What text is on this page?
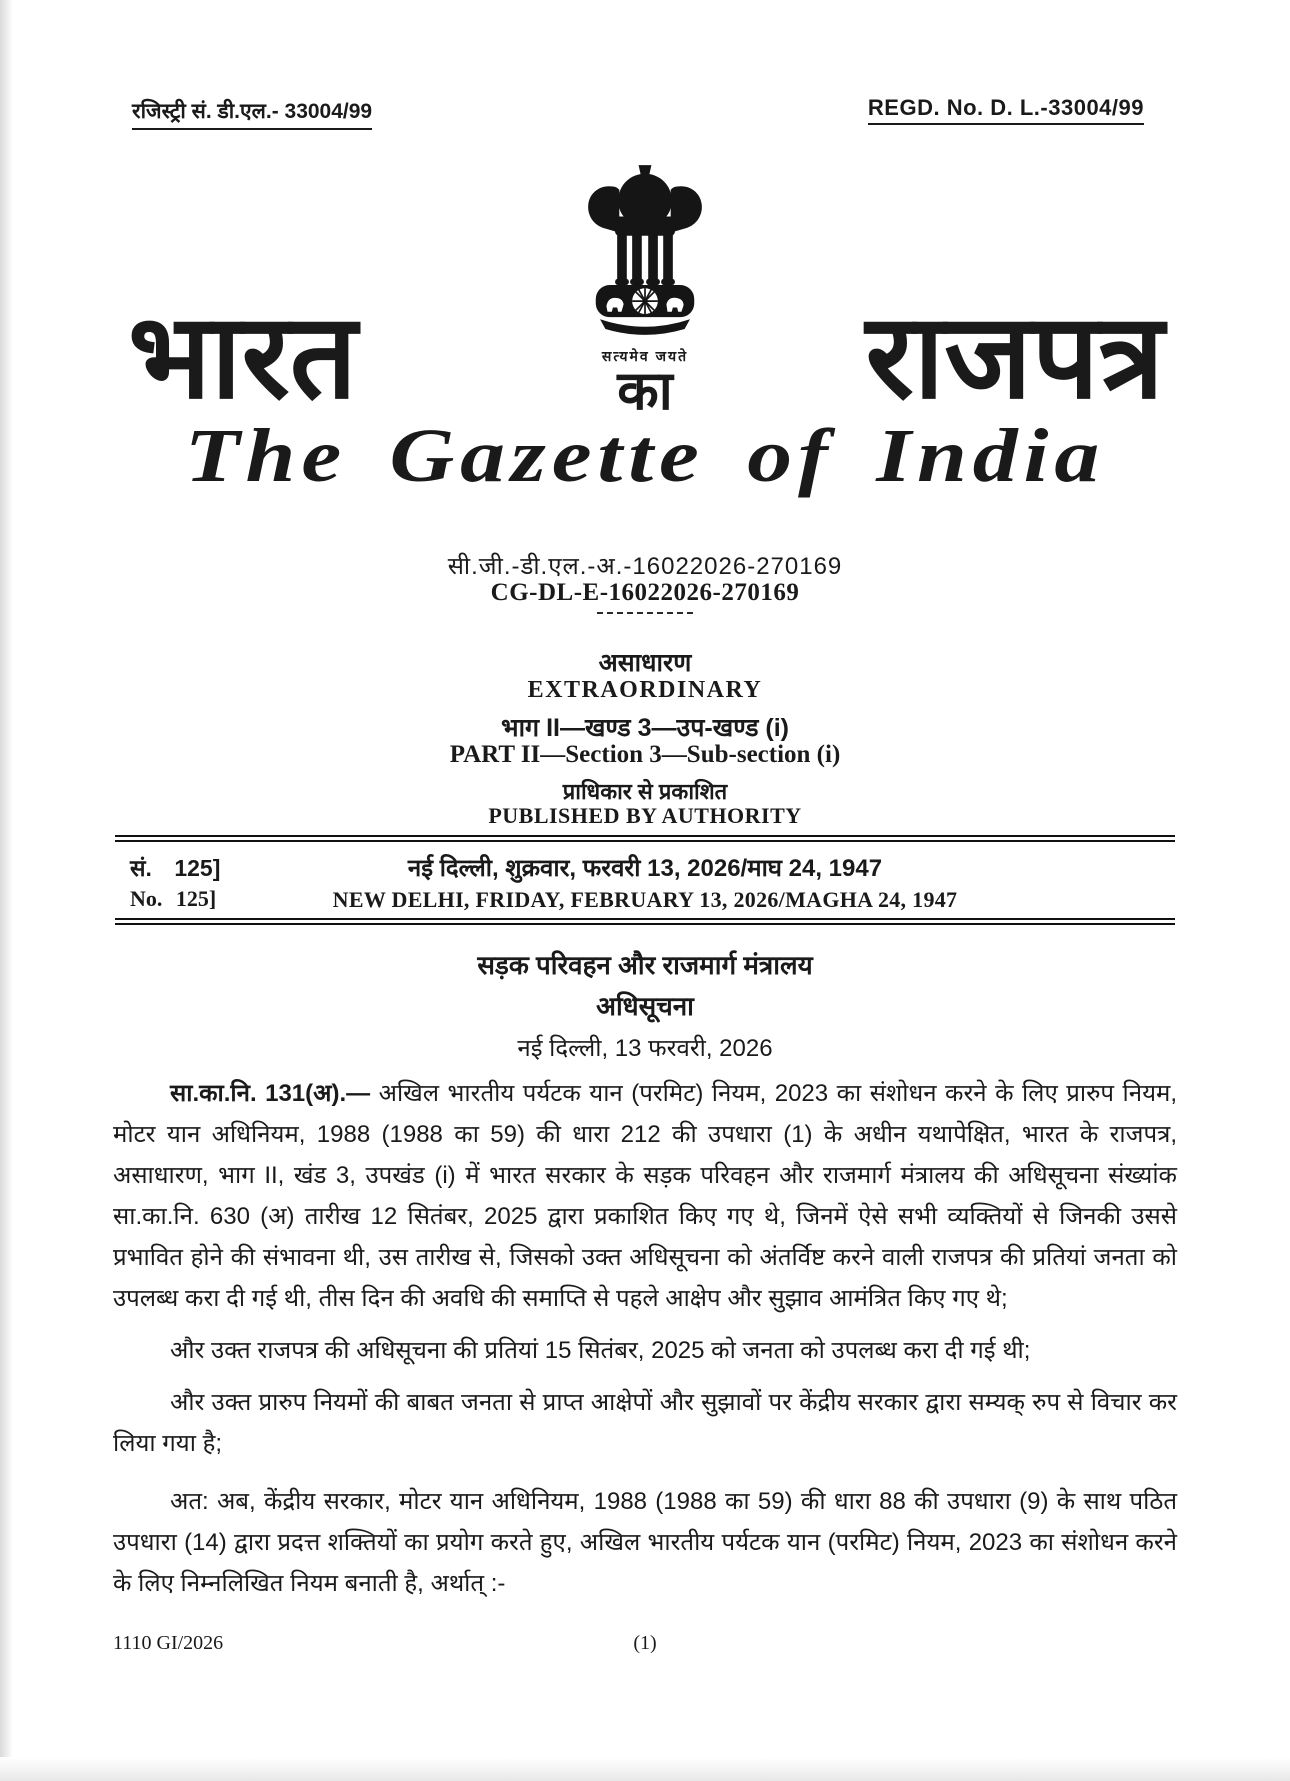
रजिस्ट्री सं. डी.एल.- 33004/99	REGD. No. D. L.-33004/99
सत्यमेव जयते
भारत	का	राजपत्र
The Gazette of India
सी.जी.-डी.एल.-अ.-16022026-270169
CG-DL-E-16022026-270169
असाधारण
EXTRAORDINARY
भाग II—खण्ड 3—उप-खण्ड (i)
PART II—Section 3—Sub-section (i)
प्राधिकार से प्रकाशित
PUBLISHED BY AUTHORITY
सं. 125]	नई दिल्ली, शुक्रवार, फरवरी 13, 2026/माघ 24, 1947
No. 125]	NEW DELHI, FRIDAY, FEBRUARY 13, 2026/MAGHA 24, 1947
सड़क परिवहन और राजमार्ग मंत्रालय
अधिसूचना
नई दिल्ली, 13 फरवरी, 2026

सा.का.नि. 131(अ).— अखिल भारतीय पर्यटक यान (परमिट) नियम, 2023 का संशोधन करने के लिए प्रारुप नियम, मोटर यान अधिनियम, 1988 (1988 का 59) की धारा 212 की उपधारा (1) के अधीन यथापेक्षित, भारत के राजपत्र, असाधारण, भाग II, खंड 3, उपखंड (i) में भारत सरकार के सड़क परिवहन और राजमार्ग मंत्रालय की अधिसूचना संख्यांक सा.का.नि. 630 (अ) तारीख 12 सितंबर, 2025 द्वारा प्रकाशित किए गए थे, जिनमें ऐसे सभी व्यक्तियों से जिनकी उससे प्रभावित होने की संभावना थी, उस तारीख से, जिसको उक्त अधिसूचना को अंतर्विष्ट करने वाली राजपत्र की प्रतियां जनता को उपलब्ध करा दी गई थी, तीस दिन की अवधि की समाप्ति से पहले आक्षेप और सुझाव आमंत्रित किए गए थे;

और उक्त राजपत्र की अधिसूचना की प्रतियां 15 सितंबर, 2025 को जनता को उपलब्ध करा दी गई थी;

और उक्त प्रारुप नियमों की बाबत जनता से प्राप्त आक्षेपों और सुझावों पर केंद्रीय सरकार द्वारा सम्यक् रुप से विचार कर लिया गया है;

अत: अब, केंद्रीय सरकार, मोटर यान अधिनियम, 1988 (1988 का 59) की धारा 88 की उपधारा (9) के साथ पठित उपधारा (14) द्वारा प्रदत्त शक्तियों का प्रयोग करते हुए, अखिल भारतीय पर्यटक यान (परमिट) नियम, 2023 का संशोधन करने के लिए निम्नलिखित नियम बनाती है, अर्थात् :-

1110 GI/2026	(1)
